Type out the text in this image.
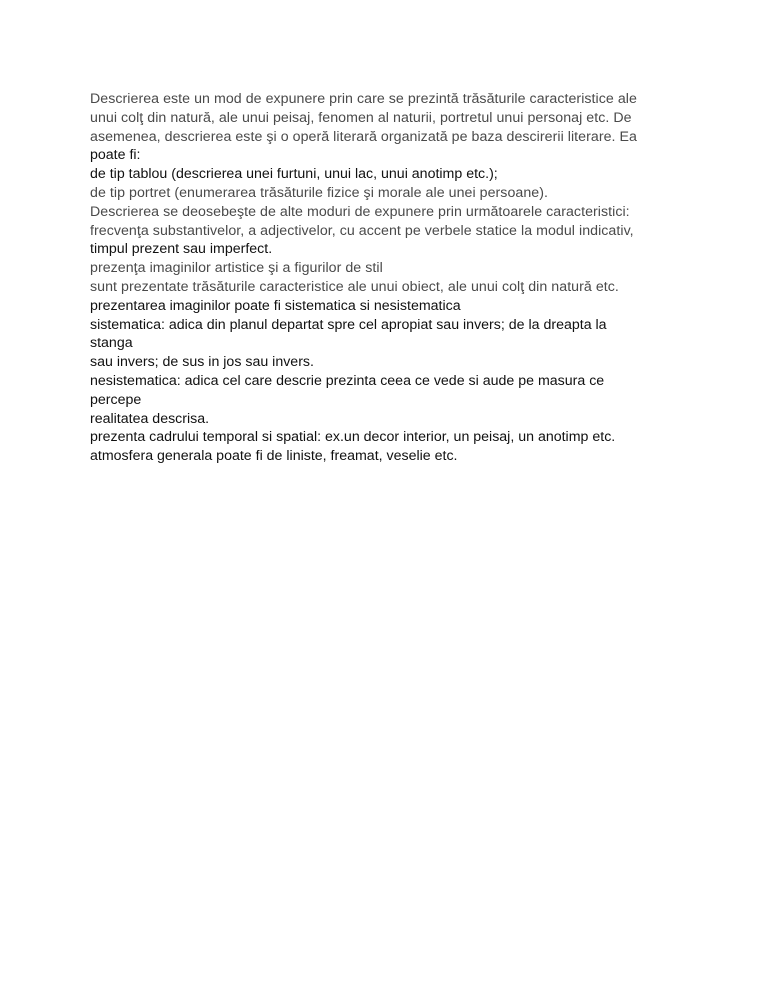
Descrierea este un mod de expunere prin care se prezintă trăsăturile caracteristice ale
unui colţ din natură, ale unui peisaj, fenomen al naturii, portretul unui personaj etc. De
asemenea, descrierea este şi o operă literară organizată pe baza descirerii literare. Ea
poate fi:
de tip tablou (descrierea unei furtuni, unui lac, unui anotimp etc.);
de tip portret (enumerarea trăsăturile fizice şi morale ale unei persoane).
Descrierea se deosebeşte de alte moduri de expunere prin următoarele caracteristici:
frecvenţa substantivelor, a adjectivelor, cu accent pe verbele statice la modul indicativ,
timpul prezent sau imperfect.
prezenţa imaginilor artistice şi a figurilor de stil
sunt prezentate trăsăturile caracteristice ale unui obiect, ale unui colţ din natură etc.
prezentarea imaginilor poate fi sistematica si nesistematica
sistematica: adica din planul departat spre cel apropiat sau invers; de la dreapta la
stanga
sau invers; de sus in jos sau invers.
nesistematica: adica cel care descrie prezinta ceea ce vede si aude pe masura ce
percepe
realitatea descrisa.
prezenta cadrului temporal si spatial: ex.un decor interior, un peisaj, un anotimp etc.
atmosfera generala poate fi de liniste, freamat, veselie etc.
